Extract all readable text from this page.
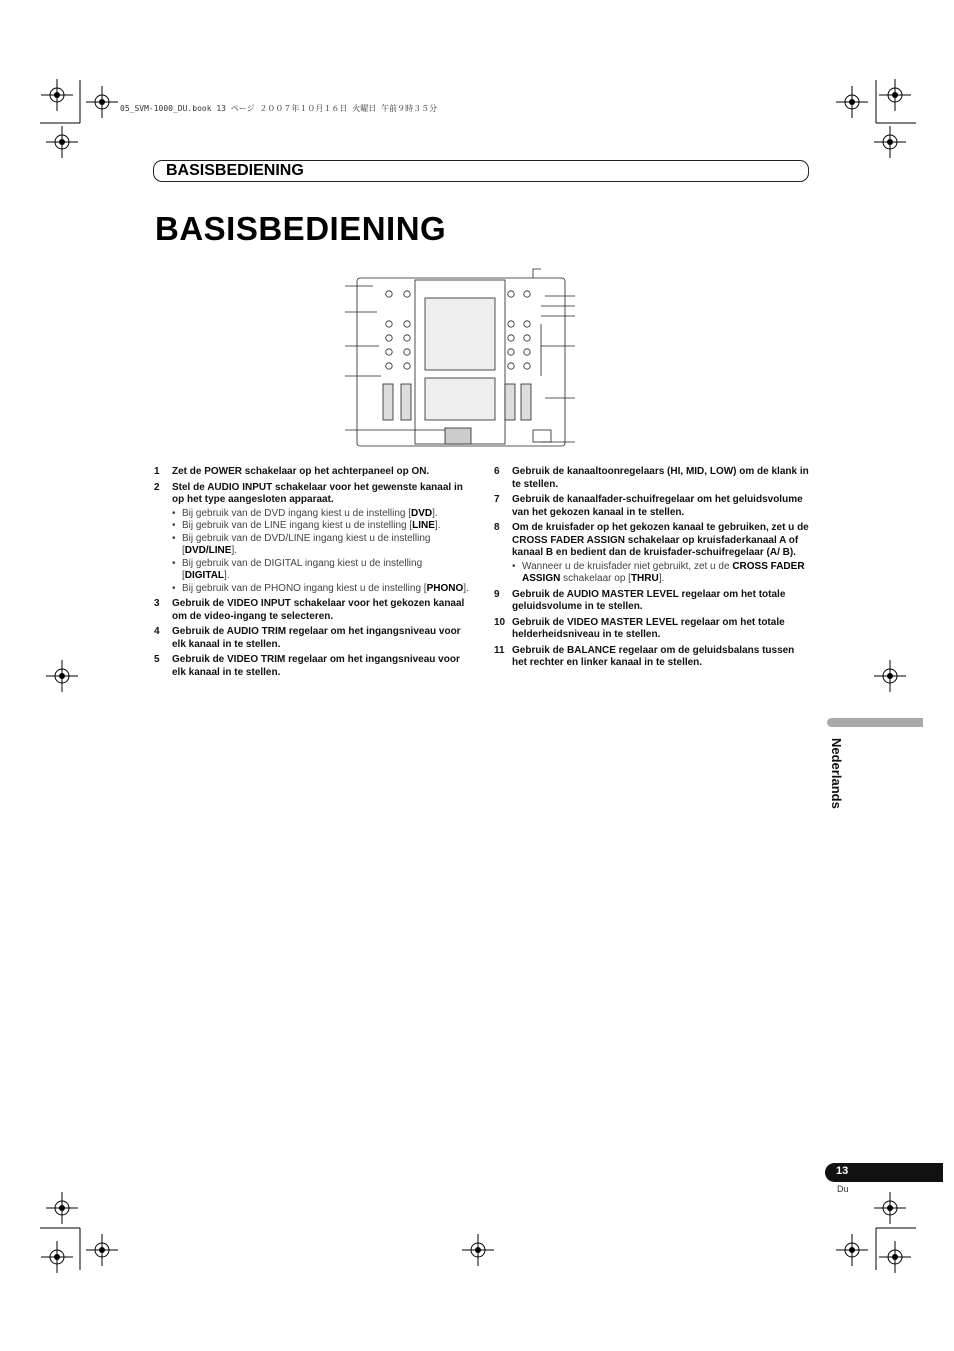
05_SVM-1000_DU.book 13 ページ ２００７年１０月１６日 火曜日 午前９時３５分
BASISBEDIENING
BASISBEDIENING
1	Zet de POWER schakelaar op het achterpaneel op ON.
2	Stel de AUDIO INPUT schakelaar voor het gewenste kanaal in op het type aangesloten apparaat.
• Bij gebruik van de DVD ingang kiest u de instelling [DVD].
• Bij gebruik van de LINE ingang kiest u de instelling [LINE].
• Bij gebruik van de DVD/LINE ingang kiest u de instelling [DVD/LINE].
• Bij gebruik van de DIGITAL ingang kiest u de instelling [DIGITAL].
• Bij gebruik van de PHONO ingang kiest u de instelling [PHONO].
3	Gebruik de VIDEO INPUT schakelaar voor het gekozen kanaal om de video-ingang te selecteren.
4	Gebruik de AUDIO TRIM regelaar om het ingangsniveau voor elk kanaal in te stellen.
5	Gebruik de VIDEO TRIM regelaar om het ingangsniveau voor elk kanaal in te stellen.
6	Gebruik de kanaaltoonregelaars (HI, MID, LOW) om de klank in te stellen.
7	Gebruik de kanaalfader-schuifregelaar om het geluidsvolume van het gekozen kanaal in te stellen.
8	Om de kruisfader op het gekozen kanaal te gebruiken, zet u de CROSS FADER ASSIGN schakelaar op kruisfaderkanaal A of kanaal B en bedient dan de kruisfader-schuifregelaar (A/ B).
• Wanneer u de kruisfader niet gebruikt, zet u de CROSS FADER ASSIGN schakelaar op [THRU].
9	Gebruik de AUDIO MASTER LEVEL regelaar om het totale geluidsvolume in te stellen.
10 Gebruik de VIDEO MASTER LEVEL regelaar om het totale helderheidsniveau in te stellen.
11 Gebruik de BALANCE regelaar om de geluidsbalans tussen het rechter en linker kanaal in te stellen.
Nederlands
13
Du
